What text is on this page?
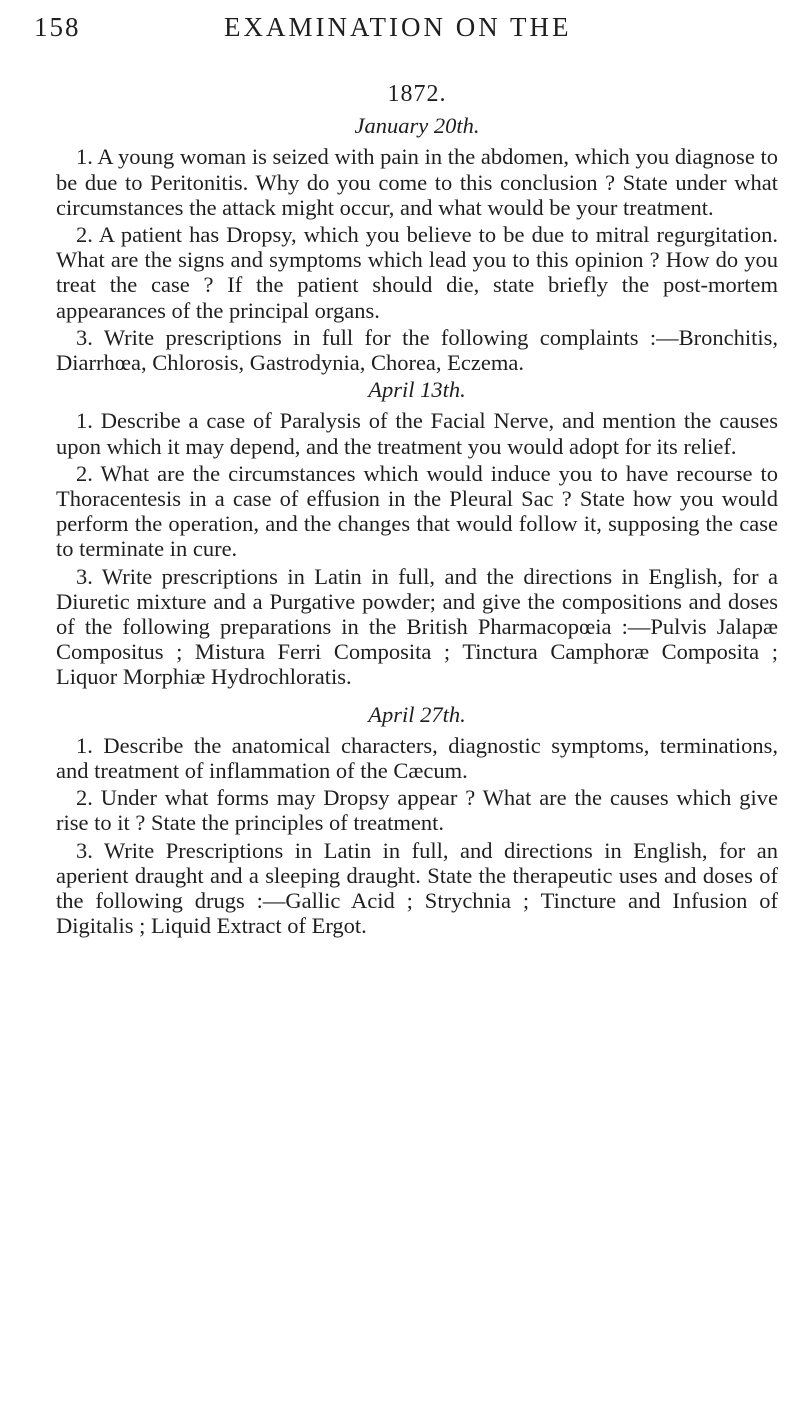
158	EXAMINATION ON THE
1872.
January 20th.

1. A young woman is seized with pain in the abdomen, which you diagnose to be due to Peritonitis. Why do you come to this conclusion ? State under what circumstances the attack might occur, and what would be your treatment.

2. A patient has Dropsy, which you believe to be due to mitral regurgitation. What are the signs and symptoms which lead you to this opinion ? How do you treat the case ? If the patient should die, state briefly the post-mortem appearances of the principal organs.

3. Write prescriptions in full for the following complaints :—Bronchitis, Diarrhœa, Chlorosis, Gastrodynia, Chorea, Eczema.

April 13th.

1. Describe a case of Paralysis of the Facial Nerve, and mention the causes upon which it may depend, and the treatment you would adopt for its relief.

2. What are the circumstances which would induce you to have recourse to Thoracentesis in a case of effusion in the Pleural Sac ? State how you would perform the operation, and the changes that would follow it, supposing the case to terminate in cure.

3. Write prescriptions in Latin in full, and the directions in English, for a Diuretic mixture and a Purgative powder; and give the compositions and doses of the following preparations in the British Pharmacopœia :—Pulvis Jalapæ Compositus ; Mistura Ferri Composita ; Tinctura Camphoræ Composita ; Liquor Morphiæ Hydrochloratis.

April 27th.

1. Describe the anatomical characters, diagnostic symptoms, terminations, and treatment of inflammation of the Cæcum.

2. Under what forms may Dropsy appear ? What are the causes which give rise to it ? State the principles of treatment.

3. Write Prescriptions in Latin in full, and directions in English, for an aperient draught and a sleeping draught. State the therapeutic uses and doses of the following drugs :—Gallic Acid ; Strychnia ; Tincture and Infusion of Digitalis ; Liquid Extract of Ergot.
